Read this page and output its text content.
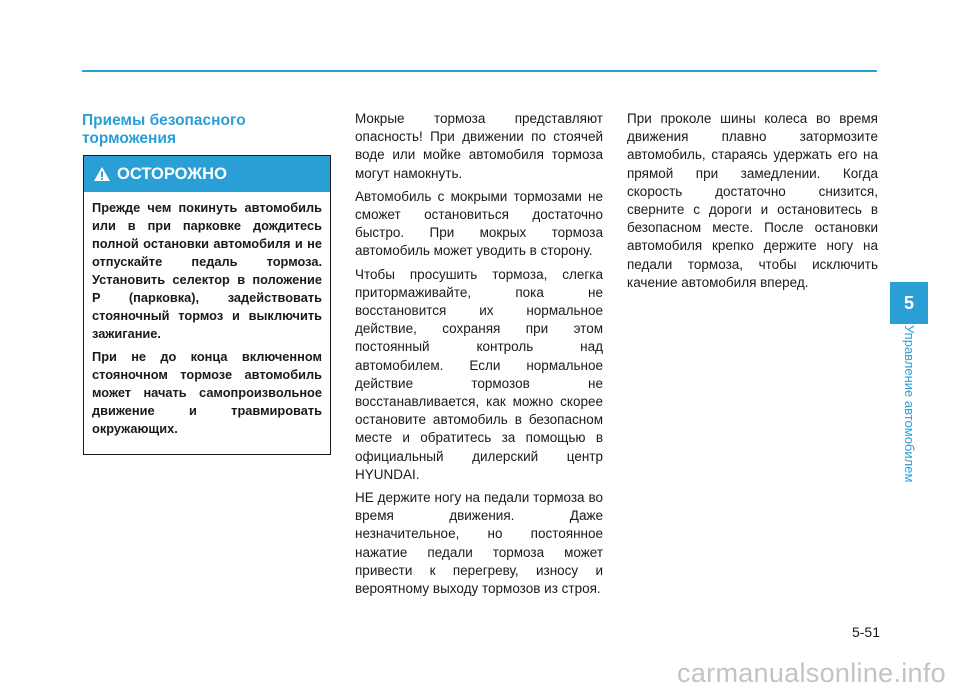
Приемы безопасного
торможения
ОСТОРОЖНО

Прежде чем покинуть автомобиль или в при парковке дождитесь полной остановки автомобиля и не отпускайте педаль тормоза. Установить селектор в положение P (парковка), задействовать стояночный тормоз и выключить зажигание.

При не до конца включенном стояночном тормозе автомобиль может начать самопроизвольное движение и травмировать окружающих.

Мокрые тормоза представляют опасность! При движении по стоячей воде или мойке автомобиля тормоза могут намокнуть.

Автомобиль с мокрыми тормозами не сможет остановиться достаточно быстро. При мокрых тормоза автомобиль может уводить в сторону.

Чтобы просушить тормоза, слегка притормаживайте, пока не восстановится их нормальное действие, сохраняя при этом постоянный контроль над автомобилем. Если нормальное действие тормозов не восстанавливается, как можно скорее остановите автомобиль в безопасном месте и обратитесь за помощью в официальный дилерский центр HYUNDAI.

НЕ держите ногу на педали тормоза во время движения. Даже незначительное, но постоянное нажатие педали тормоза может привести к перегреву, износу и вероятному выходу тормозов из строя.

При проколе шины колеса во время движения плавно затормозите автомобиль, стараясь удержать его на прямой при замедлении. Когда скорость достаточно снизится, сверните с дороги и остановитесь в безопасном месте. После остановки автомобиля крепко держите ногу на педали тормоза, чтобы исключить качение автомобиля вперед.

5
Управление автомобилем
5-51
carmanualsonline.info
